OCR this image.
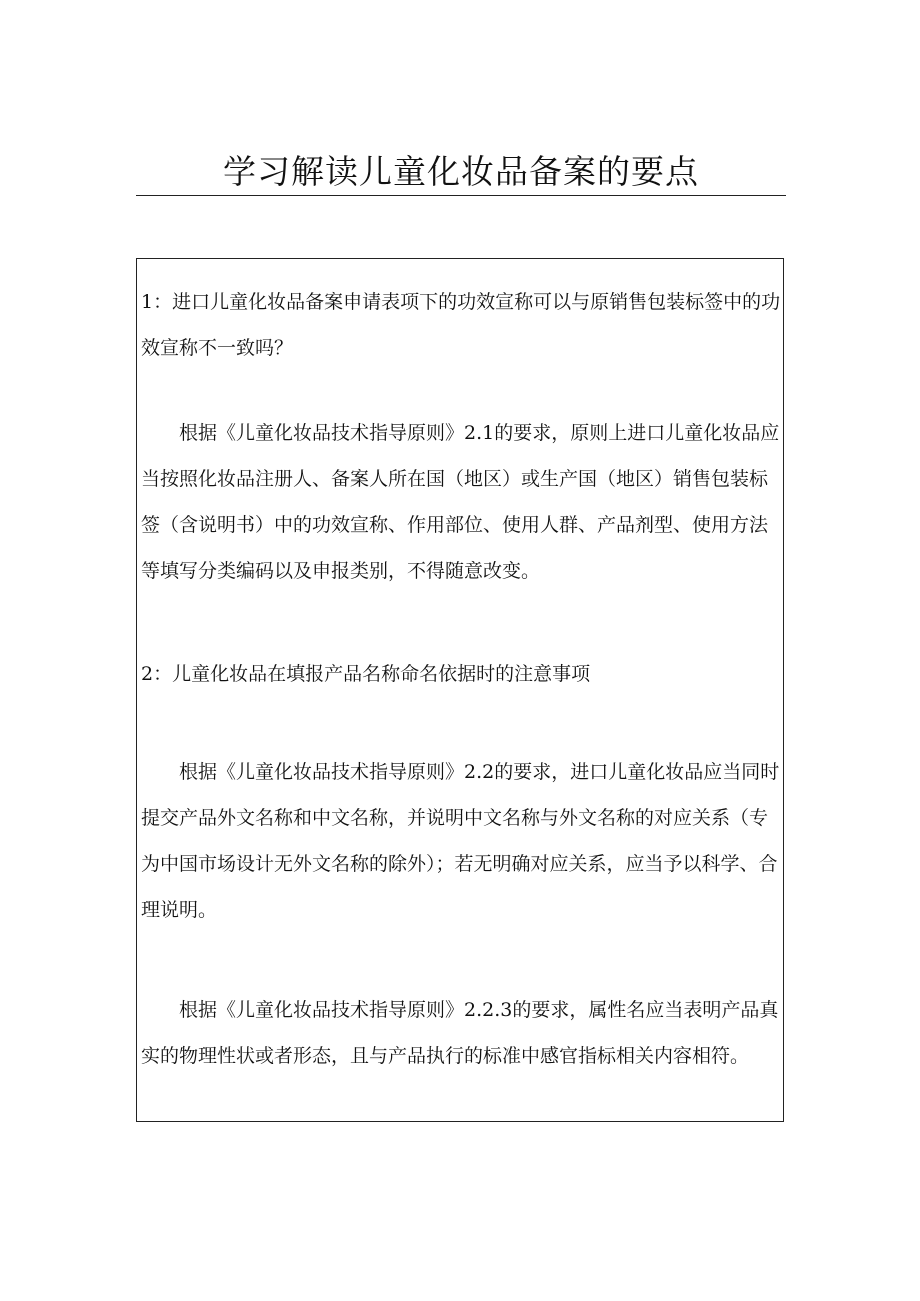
学习解读儿童化妆品备案的要点

1：进口儿童化妆品备案申请表项下的功效宣称可以与原销售包装标签中的功效宣称不一致吗？

根据《儿童化妆品技术指导原则》2.1的要求，原则上进口儿童化妆品应当按照化妆品注册人、备案人所在国（地区）或生产国（地区）销售包装标签（含说明书）中的功效宣称、作用部位、使用人群、产品剂型、使用方法等填写分类编码以及申报类别，不得随意改变。

2：儿童化妆品在填报产品名称命名依据时的注意事项

根据《儿童化妆品技术指导原则》2.2的要求，进口儿童化妆品应当同时提交产品外文名称和中文名称，并说明中文名称与外文名称的对应关系（专为中国市场设计无外文名称的除外）；若无明确对应关系，应当予以科学、合理说明。

根据《儿童化妆品技术指导原则》2.2.3的要求，属性名应当表明产品真实的物理性状或者形态，且与产品执行的标准中感官指标相关内容相符。
